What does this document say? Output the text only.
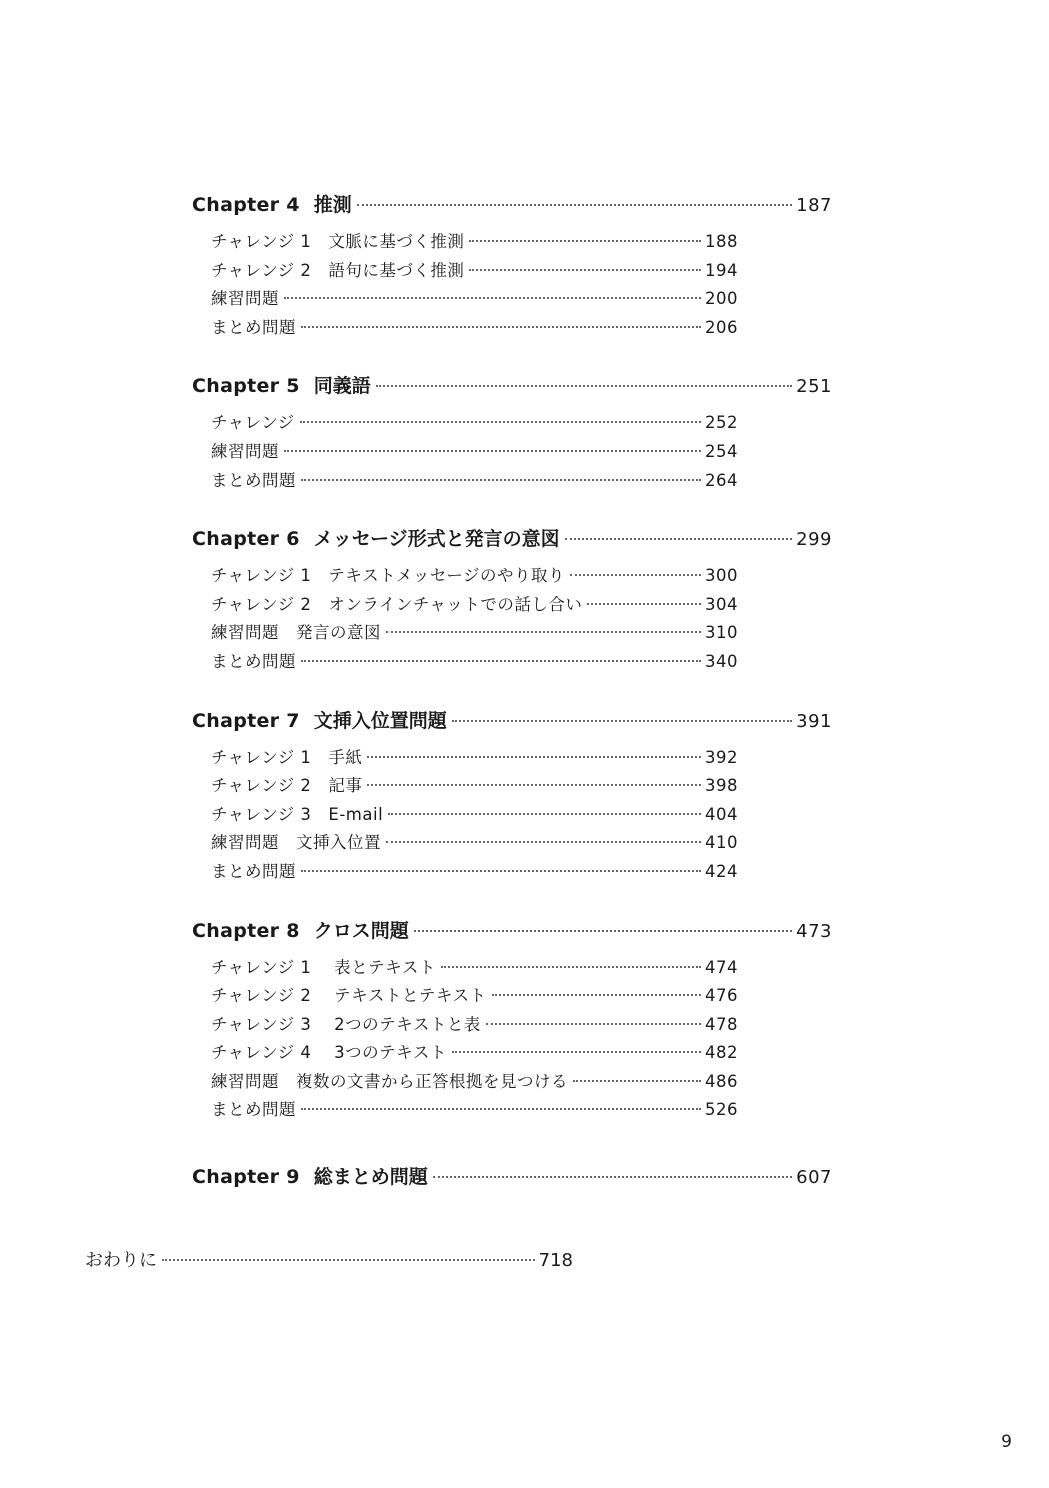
Chapter 4 推測	187
チャレンジ 1　文脈に基づく推測	188
チャレンジ 2　語句に基づく推測	194
練習問題	200
まとめ問題	206
Chapter 5 同義語	251
チャレンジ	252
練習問題	254
まとめ問題	264
Chapter 6 メッセージ形式と発言の意図	299
チャレンジ 1　テキストメッセージのやり取り	300
チャレンジ 2　オンラインチャットでの話し合い	304
練習問題　発言の意図	310
まとめ問題	340
Chapter 7 文挿入位置問題	391
チャレンジ 1　手紙	392
チャレンジ 2　記事	398
チャレンジ 3　E-mail	404
練習問題　文挿入位置	410
まとめ問題	424
Chapter 8 クロス問題	473
チャレンジ 1　 表とテキスト	474
チャレンジ 2　 テキストとテキスト	476
チャレンジ 3　 2つのテキストと表	478
チャレンジ 4　 3つのテキスト	482
練習問題　複数の文書から正答根拠を見つける	486
まとめ問題	526
Chapter 9 総まとめ問題	607
おわりに	718
9
